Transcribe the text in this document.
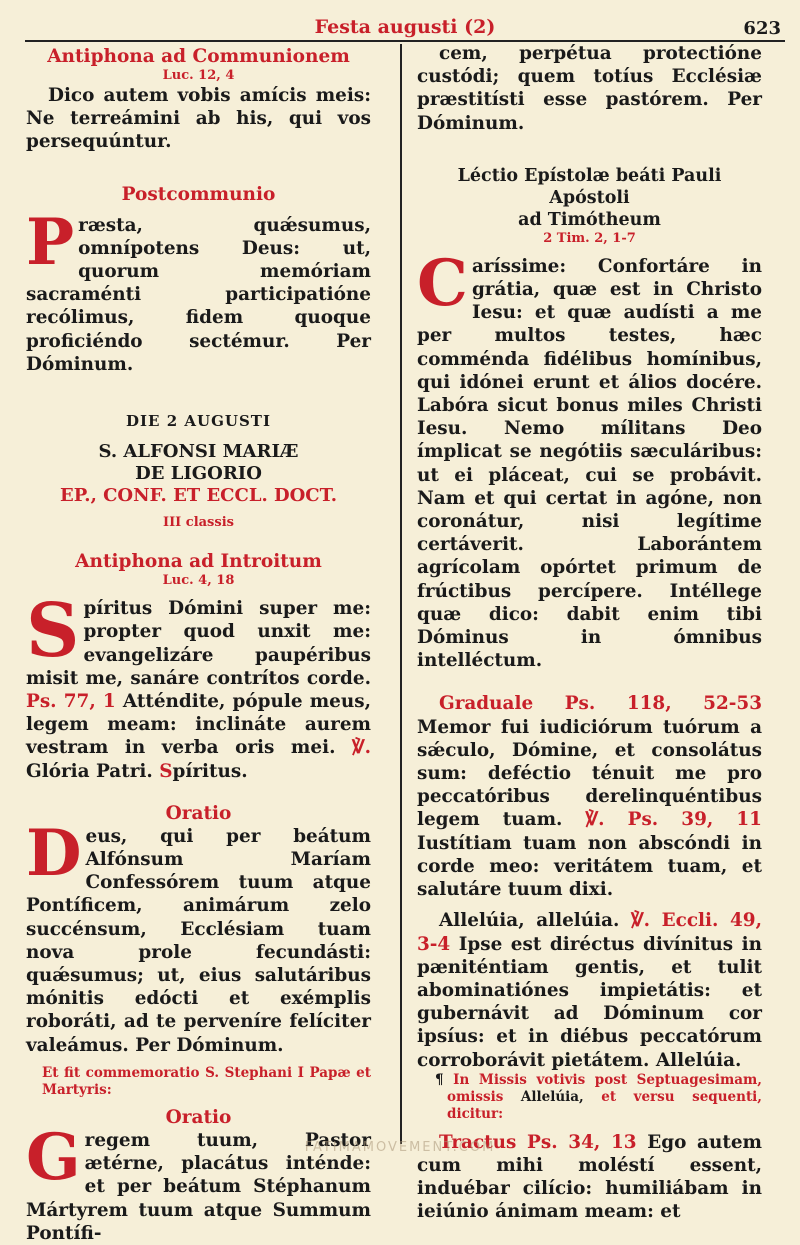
Festa augusti (2)	623
Antiphona ad Communionem
Luc. 12, 4

Dico autem vobis amícis meis: Ne terreámini ab his, qui vos persequúntur.

Postcommunio

Præsta, quǽsumus, omnípotens Deus: ut, quorum memóriam sacraménti participatióne recólimus, fidem quoque proficiéndo sectémur. Per Dóminum.

DIE 2 AUGUSTI
S. ALFONSI MARIÆ
DE LIGORIO
EP., CONF. ET ECCL. DOCT.
III classis
Antiphona ad Introitum
Luc. 4, 18

Spíritus Dómini super me: propter quod unxit me: evangelizáre paupéribus misit me, sanáre contrítos corde. Ps. 77, 1 Atténdite, pópule meus, legem meam: inclináte aurem vestram in verba oris mei. ℣. Glória Patri. Spíritus.

Oratio

Deus, qui per beátum Alfónsum Maríam Confessórem tuum atque Pontíficem, animárum zelo succénsum, Ecclésiam tuam nova prole fecundásti: quǽsumus; ut, eius salutáribus mónitis edócti et exémplis roboráti, ad te perveníre felíciter valeámus. Per Dóminum.

Et fit commemoratio S. Stephani I Papæ et Martyris:
Oratio

Gregem tuum, Pastor ætérne, placátus inténde: et per beátum Stéphanum Mártyrem tuum atque Summum Pontífi-

cem, perpétua protectióne custódi; quem totíus Ecclésiæ præstitísti esse pastórem. Per Dóminum.

Léctio Epístolæ beáti Pauli Apóstoli
ad Timótheum
2 Tim. 2, 1-7

Caríssime: Confortáre in grátia, quæ est in Christo Iesu: et quæ audísti a me per multos testes, hæc comménda fidélibus homínibus, qui idónei erunt et álios docére. Labóra sicut bonus miles Christi Iesu. Nemo mílitans Deo ímplicat se negótiis sæculáribus: ut ei pláceat, cui se probávit. Nam et qui certat in agóne, non coronátur, nisi legítime certáverit. Laborántem agrícolam opórtet primum de frúctibus percípere. Intéllege quæ dico: dabit enim tibi Dóminus in ómnibus intelléctum.

Graduale Ps. 118, 52-53 Memor fui iudiciórum tuórum a sǽculo, Dómine, et consolátus sum: deféctio ténuit me pro peccatóribus derelinquéntibus legem tuam. ℣. Ps. 39, 11 Iustítiam tuam non abscóndi in corde meo: veritátem tuam, et salutáre tuum dixi.

Allelúia, allelúia. ℣. Eccli. 49, 3-4 Ipse est diréctus divínitus in pæniténtiam gentis, et tulit abominatiónes impietátis: et gubernávit ad Dóminum cor ipsíus: et in diébus peccatórum corroborávit pietátem. Allelúia.

¶ In Missis votivis post Septuagesimam, omissis Allelúia, et versu sequenti, dicitur:

Tractus Ps. 34, 13 Ego autem cum mihi moléstí essent, induébar cilício: humiliábam in ieiúnio ánimam meam: et

FATIMAMOVEMENT.COM
